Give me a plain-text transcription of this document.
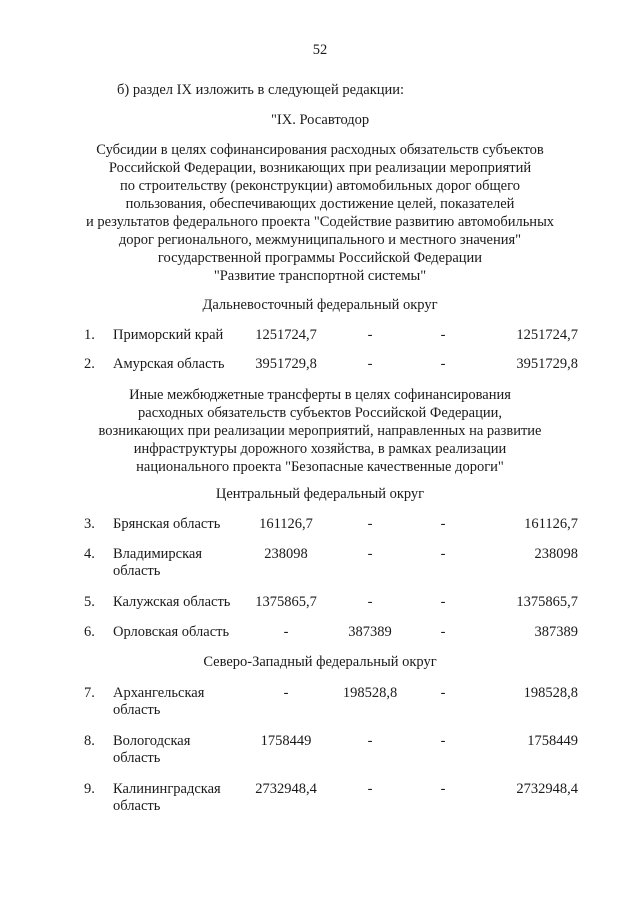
52
б) раздел IX изложить в следующей редакции:
"IX. Росавтодор
Субсидии в целях софинансирования расходных обязательств субъектов
Российской Федерации, возникающих при реализации мероприятий
по строительству (реконструкции) автомобильных дорог общего
пользования, обеспечивающих достижение целей, показателей
и результатов федерального проекта "Содействие развитию автомобильных
дорог регионального, межмуниципального и местного значения"
государственной программы Российской Федерации
"Развитие транспортной системы"
Дальневосточный федеральный округ
1. Приморский край	1251724,7	-	-	1251724,7
2. Амурская область	3951729,8	-	-	3951729,8
Иные межбюджетные трансферты в целях софинансирования
расходных обязательств субъектов Российской Федерации,
возникающих при реализации мероприятий, направленных на развитие
инфраструктуры дорожного хозяйства, в рамках реализации
национального проекта "Безопасные качественные дороги"
Центральный федеральный округ
3. Брянская область	161126,7	-	-	161126,7
4. Владимирская
область
238098	-	-	238098
5. Калужская область	1375865,7	-	-	1375865,7
6. Орловская область	-	387389	-	387389
Северо-Западный федеральный округ
7. Архангельская
область
-	198528,8	-	198528,8
8. Вологодская
область
1758449	-	-	1758449
9. Калининградская
область
2732948,4	-	-	2732948,4
